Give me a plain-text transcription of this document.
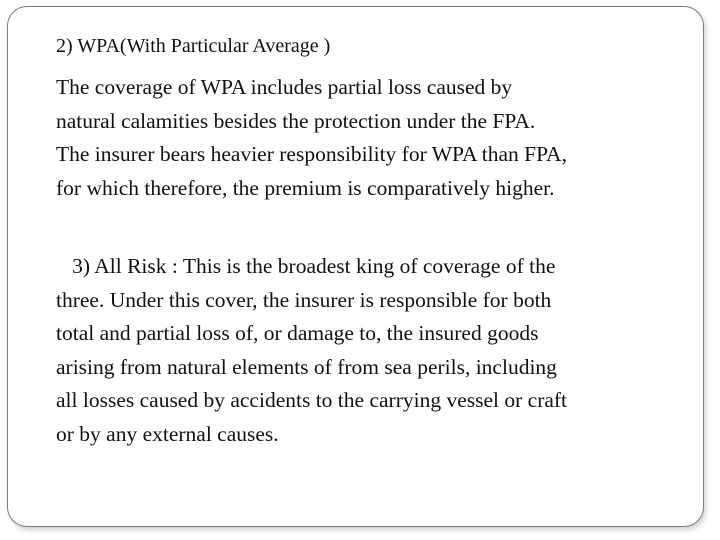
2) WPA(With Particular Average )
The coverage of WPA includes partial loss caused by
natural calamities besides the protection under the FPA.
The insurer bears heavier responsibility for WPA than FPA,
for which therefore, the premium is comparatively higher.
3) All Risk : This is the broadest king of coverage of the
three. Under this cover, the insurer is responsible for both
total and partial loss of, or damage to, the insured goods
arising from natural elements of from sea perils, including
all losses caused by accidents to the carrying vessel or craft
or by any external causes.
